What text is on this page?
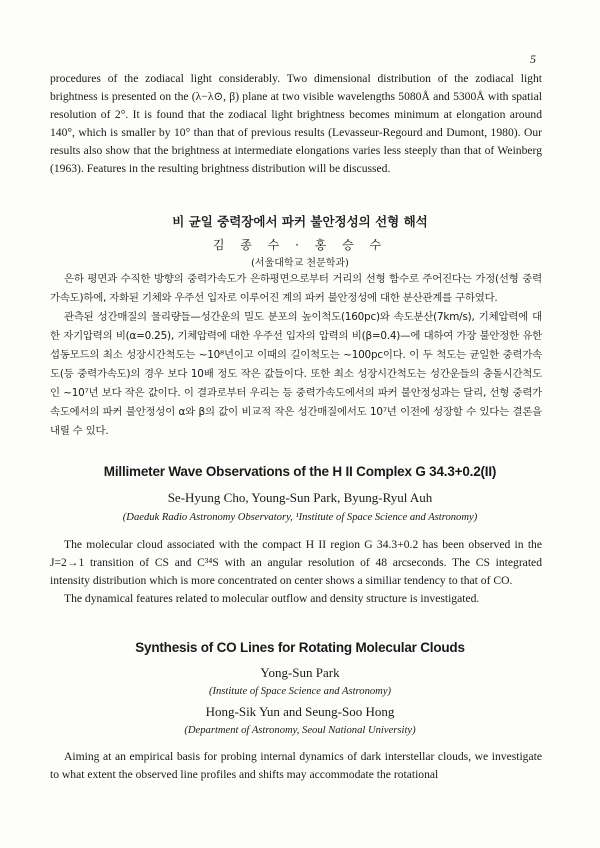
5

procedures of the zodiacal light considerably. Two dimensional distribution of the zodiacal light brightness is presented on the (λ−λ⊙, β) plane at two visible wavelengths 5080Å and 5300Å with spatial resolution of 2°. It is found that the zodiacal light brightness becomes minimum at elongation around 140°, which is smaller by 10° than that of previous results (Levasseur-Regourd and Dumont, 1980). Our results also show that the brightness at intermediate elongations varies less steeply than that of Weinberg (1963). Features in the resulting brightness distribution will be discussed.

비 균일 중력장에서 파커 불안정성의 선형 해석
김 종 수 · 홍 승 수
(서울대학교 천문학과)

은하 평면과 수직한 방향의 중력가속도가 은하평면으로부터 거리의 선형 함수로 주어진다는 가정(선형 중력가속도)하에, 자화된 기체와 우주선 입자로 이루어진 계의 파커 불안정성에 대한 분산관계를 구하였다.

관측된 성간매질의 물리량들—성간운의 밀도 분포의 높이척도(160pc)와 속도분산(7km/s), 기체압력에 대한 자기압력의 비(α=0.25), 기체압력에 대한 우주선 입자의 압력의 비(β=0.4)—에 대하여 가장 불안정한 유한 섭동모드의 최소 성장시간척도는 ~10⁸년이고 이때의 길이척도는 ~100pc이다. 이 두 척도는 균일한 중력가속도(등 중력가속도)의 경우 보다 10배 정도 작은 값들이다. 또한 최소 성장시간척도는 성간운들의 충돌시간척도인 ~10⁷년 보다 작은 값이다. 이 결과로부터 우리는 등 중력가속도에서의 파커 불안정성과는 달리, 선형 중력가속도에서의 파커 불안정성이 α와 β의 값이 비교적 작은 성간매질에서도 10⁷년 이전에 성장할 수 있다는 결론을 내릴 수 있다.

Millimeter Wave Observations of the H II Complex G 34.3+0.2(II)
Se-Hyung Cho, Young-Sun Park, Byung-Ryul Auh
(Daeduk Radio Astronomy Observatory, ¹Institute of Space Science and Astronomy)

The molecular cloud associated with the compact H II region G 34.3+0.2 has been observed in the J=2→1 transition of CS and C³⁴S with an angular resolution of 48 arcseconds. The CS integrated intensity distribution which is more concentrated on center shows a similiar tendency to that of CO.

The dynamical features related to molecular outflow and density structure is investigated.

Synthesis of CO Lines for Rotating Molecular Clouds
Yong-Sun Park
(Institute of Space Science and Astronomy)
Hong-Sik Yun and Seung-Soo Hong
(Department of Astronomy, Seoul National University)

Aiming at an empirical basis for probing internal dynamics of dark interstellar clouds, we investigate to what extent the observed line profiles and shifts may accommodate the rotational
